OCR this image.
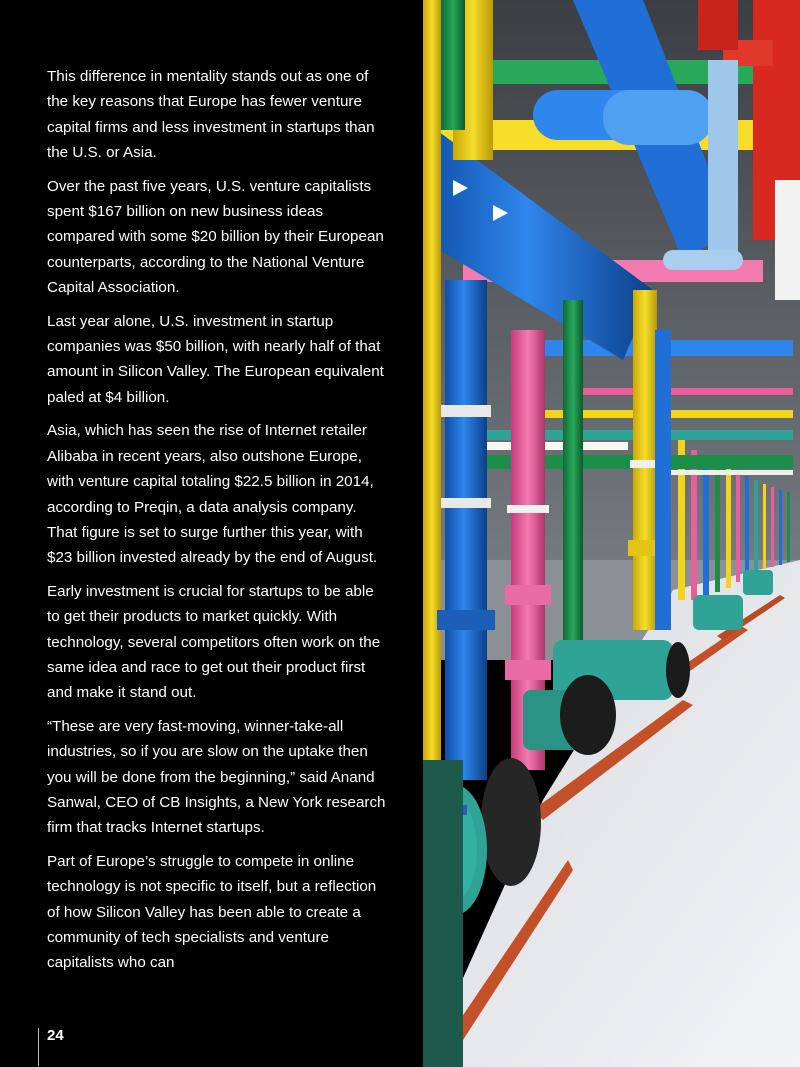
This difference in mentality stands out as one of the key reasons that Europe has fewer venture capital firms and less investment in startups than the U.S. or Asia.

Over the past five years, U.S. venture capitalists spent $167 billion on new business ideas compared with some $20 billion by their European counterparts, according to the National Venture Capital Association.

Last year alone, U.S. investment in startup companies was $50 billion, with nearly half of that amount in Silicon Valley. The European equivalent paled at $4 billion.

Asia, which has seen the rise of Internet retailer Alibaba in recent years, also outshone Europe, with venture capital totaling $22.5 billion in 2014, according to Preqin, a data analysis company. That figure is set to surge further this year, with $23 billion invested already by the end of August.

Early investment is crucial for startups to be able to get their products to market quickly. With technology, several competitors often work on the same idea and race to get out their product first and make it stand out.

“These are very fast-moving, winner-take-all industries, so if you are slow on the uptake then you will be done from the beginning,” said Anand Sanwal, CEO of CB Insights, a New York research firm that tracks Internet startups.

Part of Europe’s struggle to compete in online technology is not specific to itself, but a reflection of how Silicon Valley has been able to create a community of tech specialists and venture capitalists who can

24
